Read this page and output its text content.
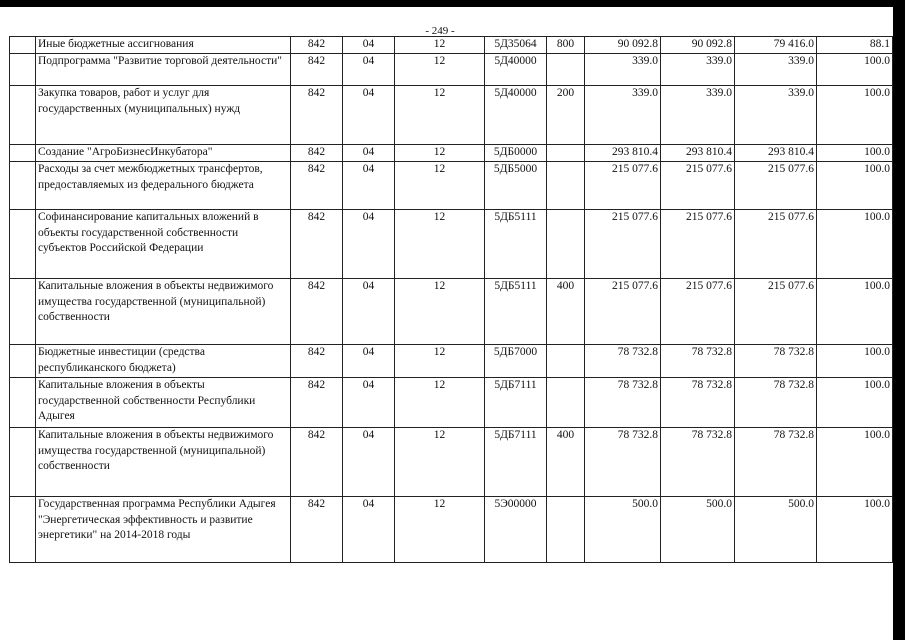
- 249 -
	Иные бюджетные ассигнования	842	04	12	5Д35064	800	90 092.8	90 092.8	79 416.0	88.1
	Подпрограмма "Развитие торговой деятельности"	842	04	12	5Д40000		339.0	339.0	339.0	100.0
	Закупка товаров, работ и услуг для государственных (муниципальных) нужд	842	04	12	5Д40000	200	339.0	339.0	339.0	100.0
	Создание "АгроБизнесИнкубатора"	842	04	12	5ДБ0000		293 810.4	293 810.4	293 810.4	100.0
	Расходы за счет межбюджетных трансфертов, предоставляемых из федерального бюджета	842	04	12	5ДБ5000		215 077.6	215 077.6	215 077.6	100.0
	Софинансирование капитальных вложений в объекты государственной собственности субъектов Российской Федерации	842	04	12	5ДБ5111		215 077.6	215 077.6	215 077.6	100.0
	Капитальные вложения в объекты недвижимого имущества государственной (муниципальной) собственности	842	04	12	5ДБ5111	400	215 077.6	215 077.6	215 077.6	100.0
	Бюджетные инвестиции (средства республиканского бюджета)	842	04	12	5ДБ7000		78 732.8	78 732.8	78 732.8	100.0
	Капитальные вложения в объекты государственной собственности Республики Адыгея	842	04	12	5ДБ7111		78 732.8	78 732.8	78 732.8	100.0
	Капитальные вложения в объекты недвижимого имущества государственной (муниципальной) собственности	842	04	12	5ДБ7111	400	78 732.8	78 732.8	78 732.8	100.0
	Государственная программа Республики Адыгея "Энергетическая эффективность и развитие энергетики" на 2014-2018 годы	842	04	12	5Э00000		500.0	500.0	500.0	100.0
